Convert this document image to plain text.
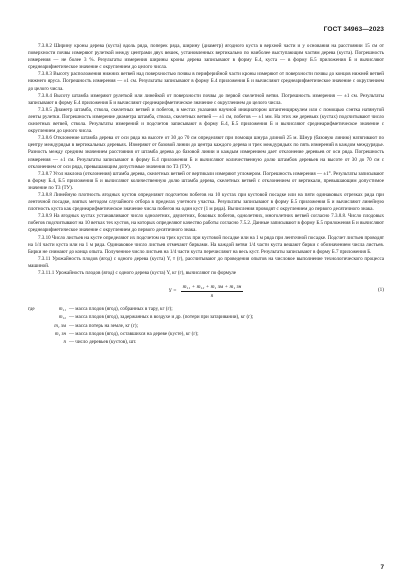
ГОСТ 34963—2023

7.3.8.2 Ширину кроны дерева (куста) вдоль ряда, поперек ряда, ширину (диаметр) ягодного куста в верхней части и у основания на расстоянии 15 см от поверхности почвы измеряют рулеткой между центрами двух вешек, установленных вертикально по наиболее выступающим частям дерева (куста). Погрешность измерения — не более 3 %. Результаты измерения ширины кроны дерева записывают в форму Б.4, куста — в форму Б.5 приложения Б и вычисляют среднеарифметическое значение с округлением до целого числа.

7.3.8.3 Высоту расположения нижних ветвей над поверхностью почвы в периферийной части кроны измеряют от поверхности почвы до концов нижней ветвей нижнего яруса. Погрешность измерения — ±1 см. Результаты записывают в форму Б.4 приложения Б и вычисляют среднеарифметическое значение с округлением до целого числа.

7.3.8.4 Высоту штамба измеряют рулеткой или линейкой от поверхности почвы до первой скелетной ветви. Погрешность измерения — ±1 см. Результаты записывают в форму Б.4 приложения Б и вычисляют среднеарифметическое значение с округлением до целого числа.

7.3.8.5 Диаметр штамба, ствола, скелетных ветвей и побегов, в местах указания научной инициатором штангенциркулем или с помощью сэнтка натянутой ленты рулетки. Погрешность измерение диаметра штамба, ствола, скелетных ветвей — ±1 см, побегов — ±1 мм. На этих же деревьях (кустах) подсчитывают число скелетных ветвей, ствола. Результаты измерений и подсчетов записывают в форму Б.4, Б.5 приложения Б и вычисляют среднеарифметическое значение с округлением до целого числа.

7.3.8.6 Отклонение штамба дерева от оси ряда на высоте от 30 до 70 см определяют при помощи шнура длиной 25 м. Шнур (базовую линию) натягивают по центру междурядья в вертикальных деревьях. Измеряют от базовой линии до центра каждого дерева и трех междурядьях по пять измерений в каждом междурядье. Разность между средним значением расстояния от штамба дерева до базовой линии и каждым измерением дает отклонение деревьев от оси ряда. Погрешность измерения — ±1 см. Результаты записывают в форму Б.4 приложения Б и вычисляют количественную долю штамбов деревьев на высоте от 30 до 70 см с отклонением от оси ряда, превышающим допустимые значения по Т3 (ТУ).

7.3.8.7 Угол наклона (отклонения) штамба дерева, скелетных ветвей от вертикали измеряют угломером. Погрешность измерения — ±1°. Результаты записывают в форму Б.4, Б.5 приложения Б и вычисляют количественную долю штамба дерева, скелетных ветвей с отклонением от вертикали, превышающим допустимое значение по Т3 (ТУ).

7.3.8.8 Линейную плотность ягодных кустов определяют подсчетом побегов на 10 кустах при кустовой посадке или на пяти одинаковых отрезках ряда при ленточной посадке, взятых методом случайного отбора в пределах учетного участка. Результаты записывают в форму Б.5 приложения Б и вычисляют линейную плотность куста как среднеарифметическое значение числа побегов на один куст (1 м ряда). Вычисления проводят с округлением до первого десятичного знака.

7.3.8.9 На ягодных кустах устанавливают число однолетних, двулетних, боковых побегов, однолетних, многолетних ветвей согласно 7.3.8.8. Число плодовых побегов подсчитывают на 10 ветках тех кустов, на которых определяют качество работы согласно 7.5.2. Данные записывают в форму Б.5 приложения Б и вычисляют среднеарифметическое значение с округлением до первого десятичного знака.

7.3.10 Число листьев на кусте определяют их подсчетом на трех кустах при кустовой посадке или на 1 м ряда при ленточной посадке. Подсчет листьев проводят на 1/4 части куста или на 1 м ряда. Одинаковое число листьев отмечают бирками. На каждой ветви 1/4 части куста вешают бирки с обозначением числа листьев. Бирки не снимают до конца опыта. Полученное число листьев на 1/4 части куста перечисляют на весь куст. Результаты записывают в форму Б.7 приложения Б.

7.3.11 Урожайность плодов (ягод) с одного дерева (куста) Y, т (г), рассчитывают до проведения опытов на числовое выполнение технологического процесса машиной.

7.3.11.1 Урожайность плодов (ягод) с одного дерева (куста) Y, кг (г), вычисляют по формуле

$Y = \frac{\text{m₁₁ + m₁₂ + m₁ зм + m₁ зн}}{n}$	(1)
где	m₁₁ — масса плодов (ягод), собранных в тару, кг (г);
m₁₂ — масса плодов (ягод), задержанных в воздухе и др. (потери при затаривании), кг (г);
m₁ зм — масса потерь на земле, кг (г);
m₁ зн — масса плодов (ягод), оставшихся на дереве (кусте), кг (г);
n — число деревьев (кустов), шт.
7
